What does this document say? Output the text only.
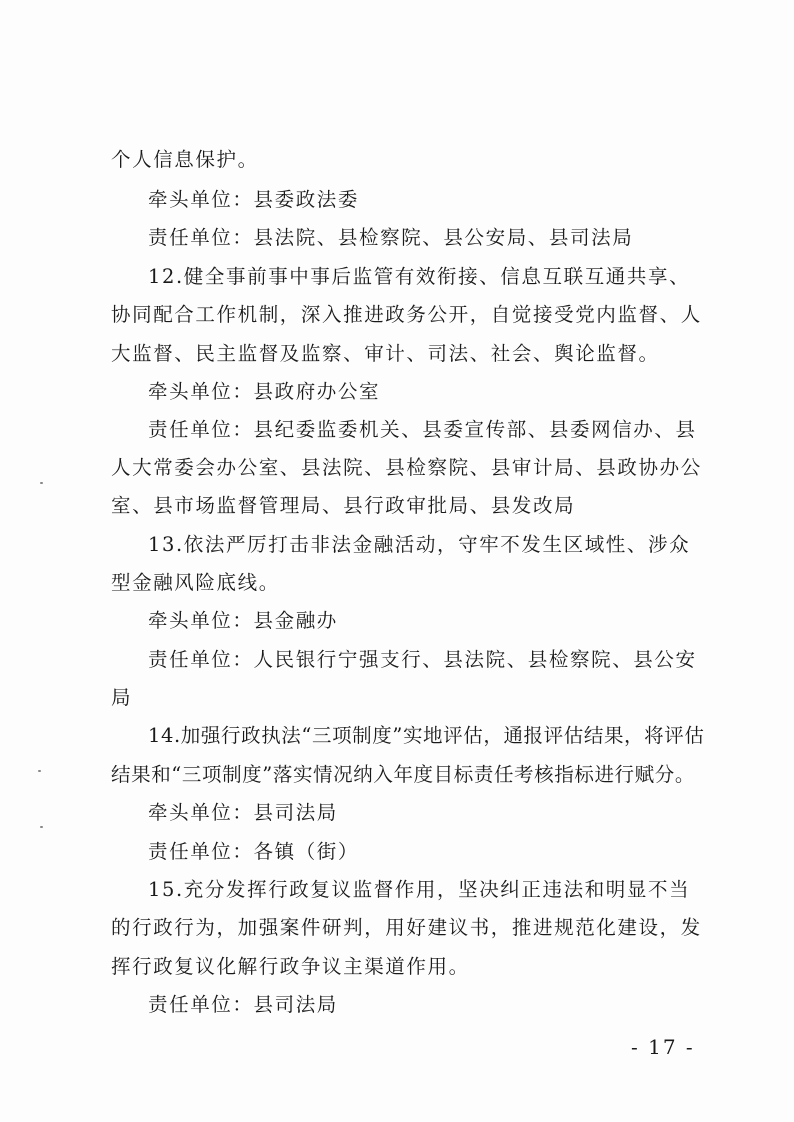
个人信息保护。
牵头单位：县委政法委
责任单位：县法院、县检察院、县公安局、县司法局
12.健全事前事中事后监管有效衔接、信息互联互通共享、
协同配合工作机制，深入推进政务公开，自觉接受党内监督、人
大监督、民主监督及监察、审计、司法、社会、舆论监督。
牵头单位：县政府办公室
责任单位：县纪委监委机关、县委宣传部、县委网信办、县
人大常委会办公室、县法院、县检察院、县审计局、县政协办公
室、县市场监督管理局、县行政审批局、县发改局
13.依法严厉打击非法金融活动，守牢不发生区域性、涉众
型金融风险底线。
牵头单位：县金融办
责任单位：人民银行宁强支行、县法院、县检察院、县公安
局
14.加强行政执法“三项制度”实地评估，通报评估结果，将评估
结果和“三项制度”落实情况纳入年度目标责任考核指标进行赋分。
牵头单位：县司法局
责任单位：各镇（街）
15.充分发挥行政复议监督作用，坚决纠正违法和明显不当
的行政行为，加强案件研判，用好建议书，推进规范化建设，发
挥行政复议化解行政争议主渠道作用。
责任单位：县司法局
- 17 -
